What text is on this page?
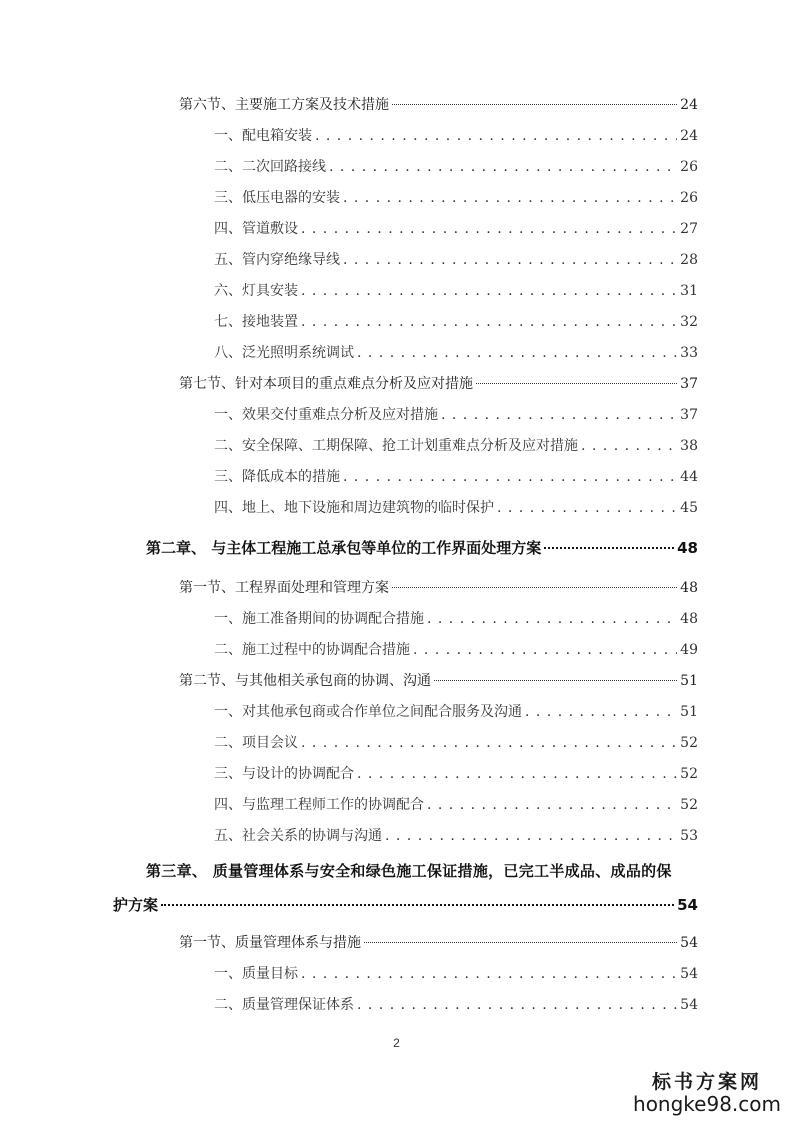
第六节、主要施工方案及技术措施	24
一、配电箱安装 . . .	24
二、二次回路接线 . . .	26
三、低压电器的安装 . . .	26
四、管道敷设 . . .	27
五、管内穿绝缘导线 . . .	28
六、灯具安装 . . .	31
七、接地装置 . . .	32
八、泛光照明系统调试 . . .	33
第七节、针对本项目的重点难点分析及应对措施	37
一、效果交付重难点分析及应对措施 . . .	37
二、安全保障、工期保障、抢工计划重难点分析及应对措施 . . .	38
三、降低成本的措施 . . .	44
四、地上、地下设施和周边建筑物的临时保护 . . .	45
第二章、 与主体工程施工总承包等单位的工作界面处理方案	48
第一节、工程界面处理和管理方案	48
一、施工准备期间的协调配合措施 . . .	48
二、施工过程中的协调配合措施 . . .	49
第二节、与其他相关承包商的协调、沟通	51
一、对其他承包商或合作单位之间配合服务及沟通 . . .	51
二、项目会议 . . .	52
三、与设计的协调配合 . . .	52
四、与监理工程师工作的协调配合 . . .	52
五、社会关系的协调与沟通 . . .	53
第三章、 质量管理体系与安全和绿色施工保证措施，已完工半成品、成品的保
护方案	54
第一节、质量管理体系与措施	54
一、质量目标 . . .	54
二、质量管理保证体系 . . .	54
2
标书方案网
hongke98.com
